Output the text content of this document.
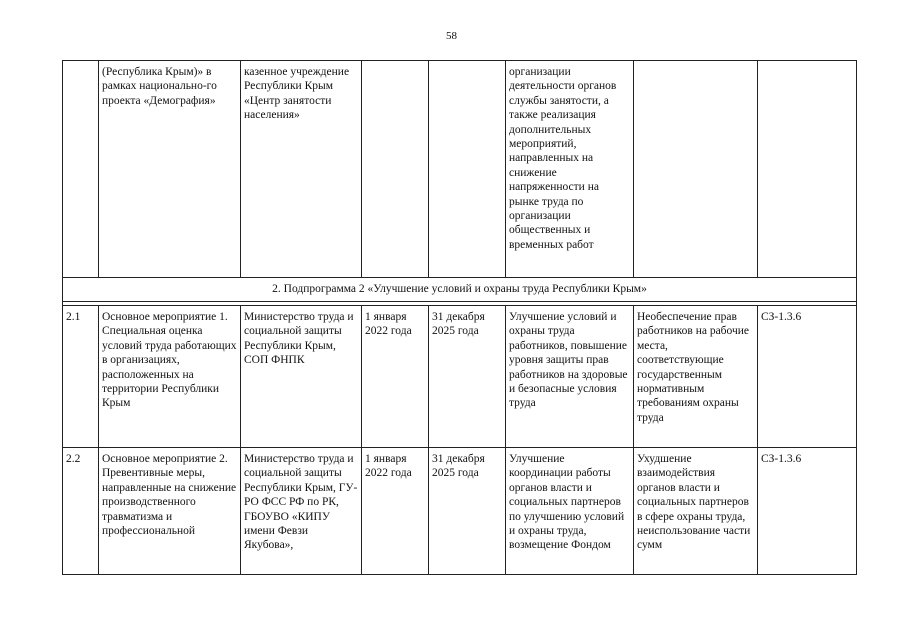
58
	(Республика Крым)» в рамках национально-го проекта «Демография»	казенное учреждение Республики Крым «Центр занятости населения»			организации деятельности органов службы занятости, а также реализация дополнительных мероприятий, направленных на снижение напряженности на рынке труда по организации общественных и временных работ		
2. Подпрограмма 2 «Улучшение условий и охраны труда Республики Крым»							

2.1	Основное мероприятие 1. Специальная оценка условий труда работающих в организациях, расположенных на территории Республики Крым	Министерство труда и социальной защиты Республики Крым, СОП ФНПК	1 января 2022 года	31 декабря 2025 года	Улучшение условий и охраны труда работников, повышение уровня защиты прав работников на здоровые и безопасные условия труда	Необеспечение прав работников на рабочие места, соответствующие государственным нормативным требованиям охраны труда	СЗ-1.3.6
2.2	Основное мероприятие 2. Превентивные меры, направленные на снижение производственного травматизма и профессиональной	Министерство труда и социальной защиты Республики Крым, ГУ-РО ФСС РФ по РК, ГБОУВО «КИПУ имени Февзи Якубова»,	1 января 2022 года	31 декабря 2025 года	Улучшение координации работы органов власти и социальных партнеров по улучшению условий и охраны труда, возмещение Фондом	Ухудшение взаимодействия органов власти и социальных партнеров в сфере охраны труда, неиспользование части сумм	СЗ-1.3.6
